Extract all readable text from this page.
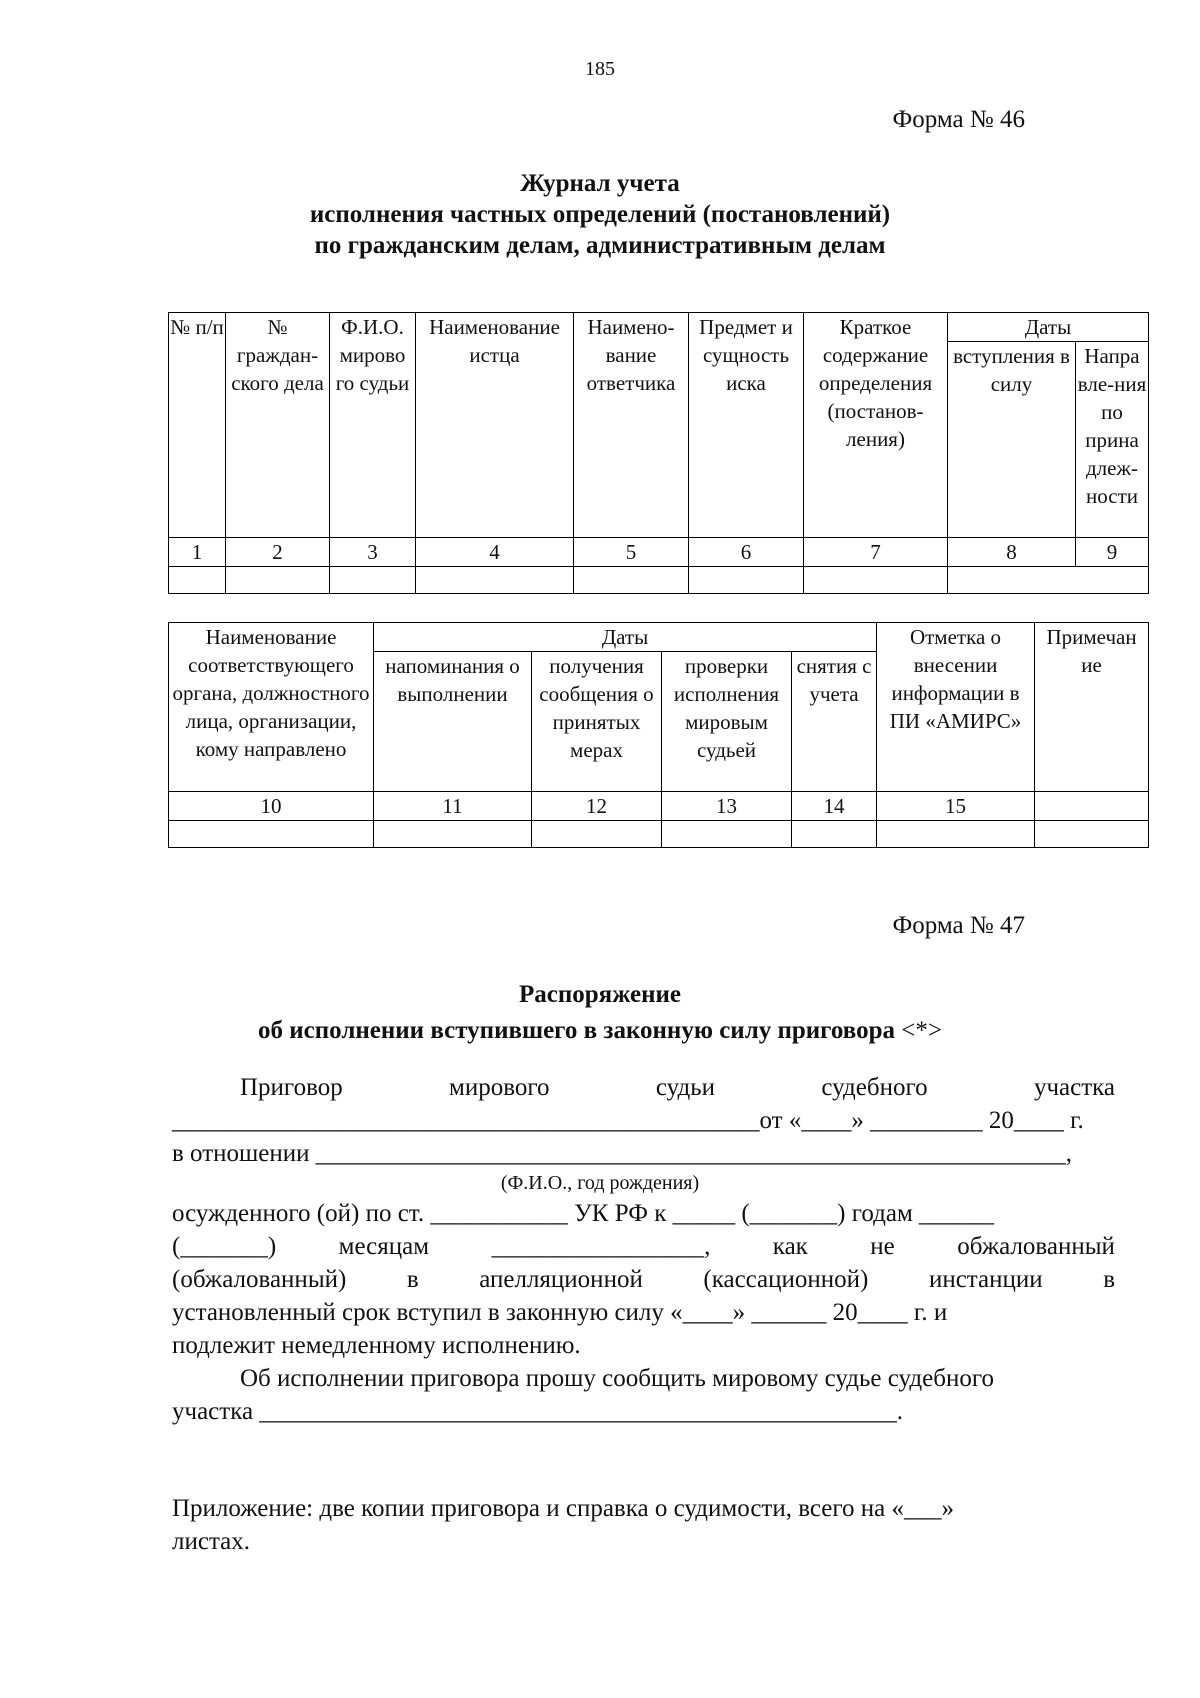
185
Форма № 46
Журнал учета
исполнения частных определений (постановлений)
по гражданским делам, административным делам
№ п/п	№ граждан-ского дела	Ф.И.О. мирово го судьи	Наименование истца	Наимено-вание ответчика	Предмет и сущность иска	Краткое содержание определения (постанов-ления)	Даты	
							вступления в силу	Напра вле-ния по прина длеж-ности
1	2	3	4	5	6	7	8	9

Наименование соответствующего органа, должностного лица, организации, кому направлено	Даты				Отметка о внесении информации в ПИ «АМИРС»	Примечан ие
	напоминания о выполнении	получения сообщения о принятых мерах	проверки исполнения мировым судьей	снятия с учета		
10	11	12	13	14	15	

Форма № 47
Распоряжение
об исполнении вступившего в законную силу приговора <*>
Приговор	мирового	судьи	судебного	участка
_______________________________________________от «____» _________ 20____ г.
в отношении ____________________________________________________________,
(Ф.И.О., год рождения)
осужденного (ой) по ст. ___________ УК РФ к _____ (_______) годам ______
(_______) месяцам _________________, как не обжалованный
(обжалованный) в апелляционной (кассационной) инстанции в
установленный срок вступил в законную силу «____» ______ 20____ г. и
подлежит немедленному исполнению.
Об исполнении приговора прошу сообщить мировому судье судебного
участка ___________________________________________________.
Приложение: две копии приговора и справка о судимости, всего на «___»
листах.
